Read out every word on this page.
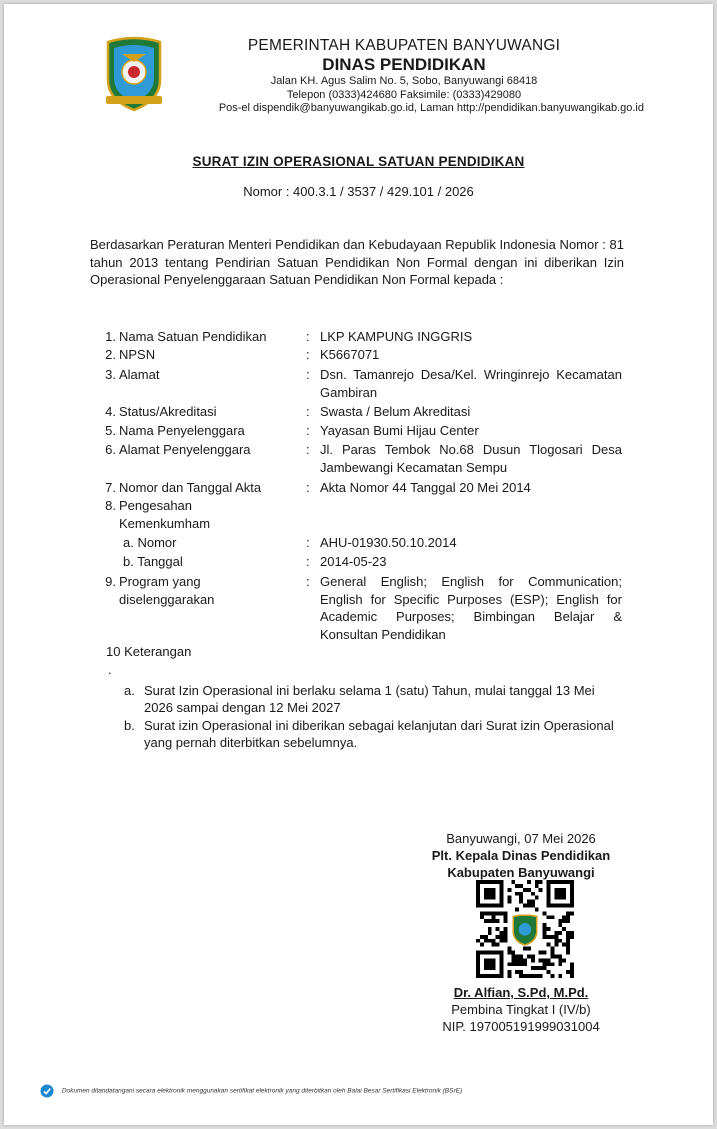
PEMERINTAH KABUPATEN BANYUWANGI
DINAS PENDIDIKAN
Jalan KH. Agus Salim No. 5, Sobo, Banyuwangi 68418
Telepon (0333)424680 Faksimile: (0333)429080
Pos-el dispendik@banyuwangikab.go.id, Laman http://pendidikan.banyuwangikab.go.id
SURAT IZIN OPERASIONAL SATUAN PENDIDIKAN
Nomor : 400.3.1 / 3537 / 429.101 / 2026
Berdasarkan Peraturan Menteri Pendidikan dan Kebudayaan Republik Indonesia Nomor : 81 tahun 2013 tentang Pendirian Satuan Pendidikan Non Formal dengan ini diberikan Izin Operasional Penyelenggaraan Satuan Pendidikan Non Formal kepada :
1. Nama Satuan Pendidikan	: LKP KAMPUNG INGGRIS
2. NPSN	: K5667071
3. Alamat	: Dsn. Tamanrejo Desa/Kel. Wringinrejo Kecamatan Gambiran
4. Status/Akreditasi	: Swasta / Belum Akreditasi
5. Nama Penyelenggara	: Yayasan Bumi Hijau Center
6. Alamat Penyelenggara	: Jl. Paras Tembok No.68 Dusun Tlogosari Desa Jambewangi Kecamatan Sempu
7. Nomor dan Tanggal Akta	: Akta Nomor 44 Tanggal 20 Mei 2014
8. Pengesahan Kemenkumham
a. Nomor	: AHU-01930.50.10.2014
b. Tanggal	: 2014-05-23
9. Program yang diselenggarakan
: General English; English for Communication; English for Specific Purposes (ESP); English for Academic Purposes; Bimbingan Belajar & Konsultan Pendidikan
10 Keterangan
.
a. Surat Izin Operasional ini berlaku selama 1 (satu) Tahun, mulai tanggal 13 Mei 2026 sampai dengan 12 Mei 2027
b. Surat izin Operasional ini diberikan sebagai kelanjutan dari Surat izin Operasional yang pernah diterbitkan sebelumnya.
Banyuwangi, 07 Mei 2026
Plt. Kepala Dinas Pendidikan
Kabupaten Banyuwangi
Dr. Alfian, S.Pd, M.Pd.
Pembina Tingkat I (IV/b)
NIP. 197005191999031004
Dokumen ditandatangani secara elektronik menggunakan sertifikat elektronik yang diterbitkan oleh Balai Besar Sertifikasi Elektronik (BSrE)
